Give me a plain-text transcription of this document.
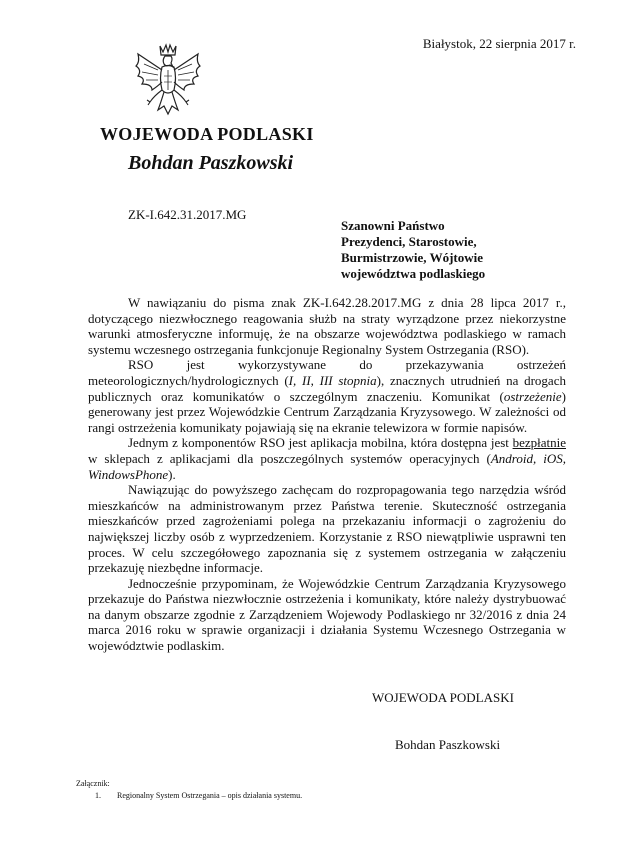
Białystok, 22 sierpnia 2017 r.
WOJEWODA PODLASKI
Bohdan Paszkowski
ZK-I.642.31.2017.MG
Szanowni Państwo
Prezydenci, Starostowie,
Burmistrzowie, Wójtowie
województwa podlaskiego

W nawiązaniu do pisma znak ZK-I.642.28.2017.MG z dnia 28 lipca 2017 r., dotyczącego niezwłocznego reagowania służb na straty wyrządzone przez niekorzystne warunki atmosferyczne informuję, że na obszarze województwa podlaskiego w ramach systemu wczesnego ostrzegania funkcjonuje Regionalny System Ostrzegania (RSO).

RSO jest wykorzystywane do przekazywania ostrzeżeń meteorologicznych/hydrologicznych (I, II, III stopnia), znacznych utrudnień na drogach publicznych oraz komunikatów o szczególnym znaczeniu. Komunikat (ostrzeżenie) generowany jest przez Wojewódzkie Centrum Zarządzania Kryzysowego. W zależności od rangi ostrzeżenia komunikaty pojawiają się na ekranie telewizora w formie napisów.

Jednym z komponentów RSO jest aplikacja mobilna, która dostępna jest bezpłatnie w sklepach z aplikacjami dla poszczególnych systemów operacyjnych (Android, iOS, WindowsPhone).

Nawiązując do powyższego zachęcam do rozpropagowania tego narzędzia wśród mieszkańców na administrowanym przez Państwa terenie. Skuteczność ostrzegania mieszkańców przed zagrożeniami polega na przekazaniu informacji o zagrożeniu do największej liczby osób z wyprzedzeniem. Korzystanie z RSO niewątpliwie usprawni ten proces. W celu szczegółowego zapoznania się z systemem ostrzegania w załączeniu przekazuję niezbędne informacje.

Jednocześnie przypominam, że Wojewódzkie Centrum Zarządzania Kryzysowego przekazuje do Państwa niezwłocznie ostrzeżenia i komunikaty, które należy dystrybuować na danym obszarze zgodnie z Zarządzeniem Wojewody Podlaskiego nr 32/2016 z dnia 24 marca 2016 roku w sprawie organizacji i działania Systemu Wczesnego Ostrzegania w województwie podlaskim.

WOJEWODA PODLASKI
Bohdan Paszkowski
Załącznik:
1. Regionalny System Ostrzegania – opis działania systemu.
